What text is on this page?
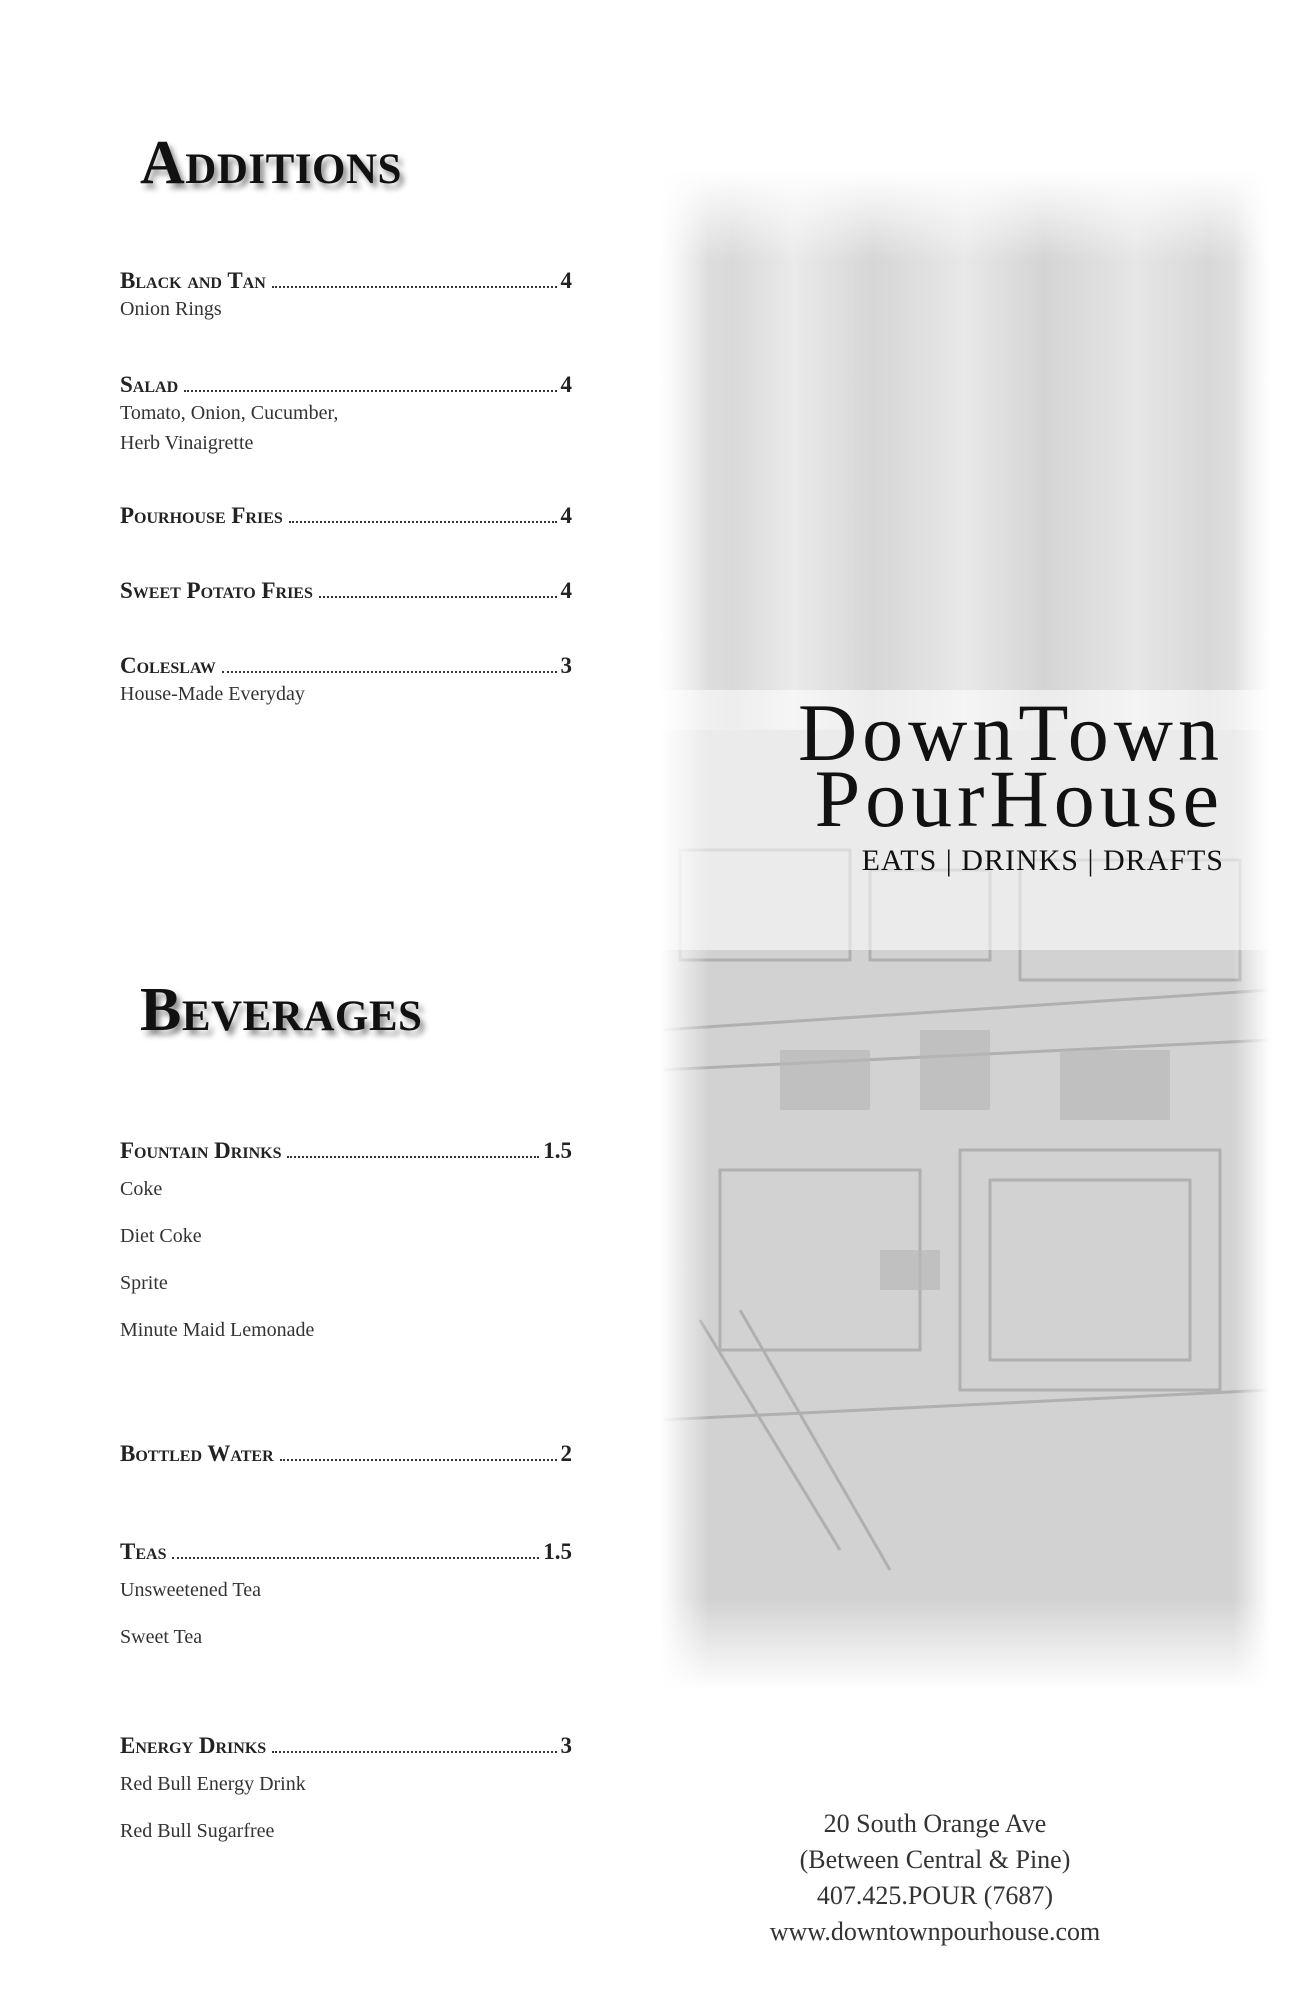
Additions
Black and Tan	4
Onion Rings
Salad	4
Tomato, Onion, Cucumber,
Herb Vinaigrette
Pourhouse Fries	4
Sweet Potato Fries	4
Coleslaw	3
House-Made Everyday
Beverages
Fountain Drinks	1.5
Coke
Diet Coke
Sprite
Minute Maid Lemonade
Bottled Water	2
Teas	1.5
Unsweetened Tea
Sweet Tea
Energy Drinks	3
Red Bull Energy Drink
Red Bull Sugarfree
DownTown
PourHouse
EATS | DRINKS | DRAFTS
20 South Orange Ave
(Between Central & Pine)
407.425.POUR (7687)
www.downtownpourhouse.com
